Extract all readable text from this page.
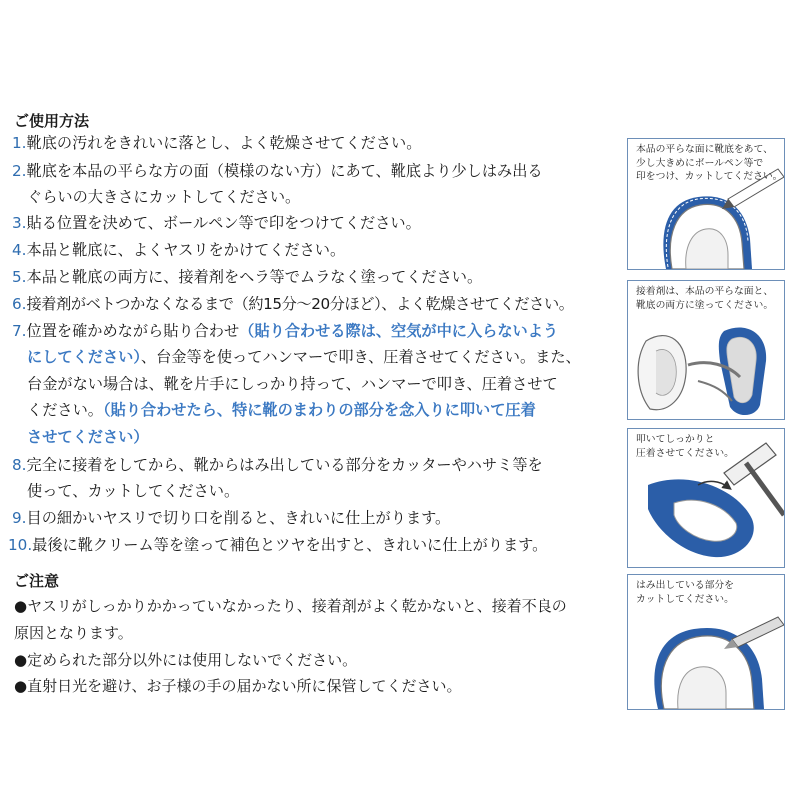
ご使用方法
1.靴底の汚れをきれいに落とし、よく乾燥させてください。
2.靴底を本品の平らな方の面（模様のない方）にあて、靴底より少しはみ出る
ぐらいの大きさにカットしてください。
3.貼る位置を決めて、ボールペン等で印をつけてください。
4.本品と靴底に、よくヤスリをかけてください。
5.本品と靴底の両方に、接着剤をヘラ等でムラなく塗ってください。
6.接着剤がベトつかなくなるまで（約15分〜20分ほど）、よく乾燥させてください。
7.位置を確かめながら貼り合わせ（貼り合わせる際は、空気が中に入らないよう
にしてください）、台金等を使ってハンマーで叩き、圧着させてください。また、
台金がない場合は、靴を片手にしっかり持って、ハンマーで叩き、圧着させて
ください。（貼り合わせたら、特に靴のまわりの部分を念入りに叩いて圧着
させてください）
8.完全に接着をしてから、靴からはみ出している部分をカッターやハサミ等を
使って、カットしてください。
9.目の細かいヤスリで切り口を削ると、きれいに仕上がります。
10.最後に靴クリーム等を塗って補色とツヤを出すと、きれいに仕上がります。
ご注意
●ヤスリがしっかりかかっていなかったり、接着剤がよく乾かないと、接着不良の
原因となります。
●定められた部分以外には使用しないでください。
●直射日光を避け、お子様の手の届かない所に保管してください。
本品の平らな面に靴底をあて、
少し大きめにボールペン等で
印をつけ、カットしてください。
接着剤は、本品の平らな面と、
靴底の両方に塗ってください。
叩いてしっかりと
圧着させてください。
はみ出している部分を
カットしてください。
